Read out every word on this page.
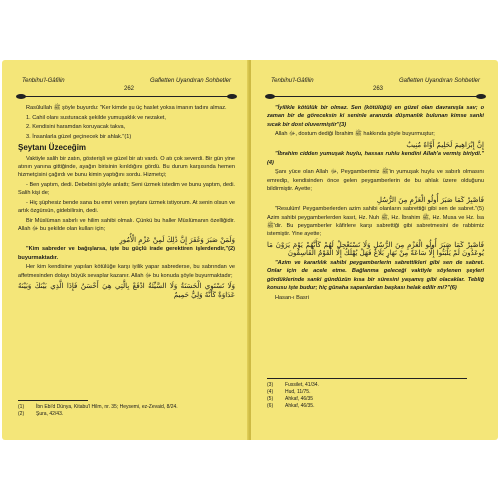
Tenbihu'l-Gâfilin
262
Gafletten Uyandıran Sohbetler

Rasûlullah ﷺ şöyle buyurdu: "Ker kimde şu üç haslet yoksa imanın tadını almaz.

1. Cahil olanı susturacak şekilde yumuşaklık ve nezaket,

2. Kendisini haramdan koruyacak takva,

3. İnsanlarla güzel geçinecek bir ahlak."(1)

Şeytanı Üzeceğim

Vaktiyle salih bir zatın, gösterişli ve güzel bir atı vardı. O atı çok severdi. Bir gün yine atının yanına gittiğinde, ayağın birisinin kırıldığını gördü. Bu durum karşısında hemen hizmetçisini çağırdı ve bunu kimin yaptığını sordu. Hizmetçi;

- Ben yaptım, dedi. Debebini şöyle anlattı; Seni üzmek istedim ve bunu yaptım, dedi. Salih kişi de;

- Hiç şüphesiz bende sana bu emri veren şeytanı üzmek istiyorum. At senin olsun ve artık özgürsün, gidebilirsin, dedi.

Bir Müslüman sabırlı ve hilim sahibi olmalı. Çünkü bu haller Müslümanın özelliğidir. Allah ﷻ bu şekilde olan kulları için;

وَلَمَنْ صَبَرَ وَغَفَرَ إِنَّ ذَٰلِكَ لَمِنْ عَزْمِ الْأُمُورِ

"Kim sabreder ve bağışlarsa, işte bu güçlü irade gerektiren işlerdendir,"(2) buyurmaktadır.

Her kim kendisine yapılan kötülüğe karşı iyilik yapar sabrederse, bu sabrından ve affetmesinden dolayı büyük sevaplar kazanır. Allah ﷻ bu konuda şöyle buyurmaktadır;

وَلَا تَسْتَوِي الْحَسَنَةُ وَلَا السَّيِّئَةُ ادْفَعْ بِالَّتِي هِيَ أَحْسَنُ فَإِذَا الَّذِي بَيْنَكَ وَبَيْنَهُ عَدَاوَةٌ كَأَنَّهُ وَلِيٌّ حَمِيمٌ

(1) İbn Ebi'd Dünya, Kitabu'l Hilm, nr. 35; Heysemi, ez-Zevaid, 8/24.
(2) Şura, 42/43.
Tenbihu'l-Gâfilin
263
Gafletten Uyandıran Sohbetler

"İyilikle kötülük bir olmaz. Sen (kötülüğü) en güzel olan davranışla sav; o zaman bir de göreceksin ki seninle aranızda düşmanlık bulunan kimse sanki sıcak bir dost oluvermiştir"(3)

Allah ﷻ, dostum dediği İbrahim ﷺ hakkında şöyle buyurmuştur;

إِنَّ إِبْرَاهِيمَ لَحَلِيمٌ أَوَّاهٌ مُنِيبٌ

"İbrahim cidden yumuşak huylu, hassas ruhlu kendini Allah'a vermiş biriydi."(4)

Şanı yüce olan Allah ﷻ, Peygamberimiz ﷺ'in yumuşak huylu ve sabırlı olmasını emredip, kendisinden önce gelen peygamberlerin de bu ahlak üzere olduğunu bildirmiştir. Ayette;

فَاصْبِرْ كَمَا صَبَرَ أُولُو الْعَزْمِ مِنَ الرُّسُلِ

"Resulüm! Peygamberlerden azim sahibi olanların sabrettiği gibi sen de sabret."(5) Azim sahibi peygamberlerden kasıt, Hz. Nuh ﷺ, Hz. İbrahim ﷺ, Hz. Musa ve Hz. İsa ﷺ'dir. Bu peygamberler kâfirlere karşı sabrettiği gibi sabretmesini de rabbimiz istemiştir. Yine ayette;

فَاصْبِرْ كَمَا صَبَرَ أُولُو الْعَزْمِ مِنَ الرُّسُلِ وَلَا تَسْتَعْجِلْ لَهُمْ كَأَنَّهُمْ يَوْمَ يَرَوْنَ مَا يُوعَدُونَ لَمْ يَلْبَثُوا إِلَّا سَاعَةً مِنْ نَهَارٍ بَلَاغٌ فَهَلْ يُهْلَكُ إِلَّا الْقَوْمُ الْفَاسِقُونَ

"Azim ve kararlılık sahibi peygamberlerin sabrettikleri gibi sen de sabret. Onlar için de acele etme. Bağlanma geleceği vaktiyle söylenen şeyleri gördüklerinde sanki gündüzün kısa bir süresini yaşamış gibi olacaklar. Tebliğ konusu işte budur; hiç günaha sapanlardan başkası helak edilir mi?"(6)

Hasan-ı Basri

(3) Fussilet, 41/34.
(4) Hud, 11/75.
(5) Ahkaf, 46/35
(6) Ahkaf, 46/35.
